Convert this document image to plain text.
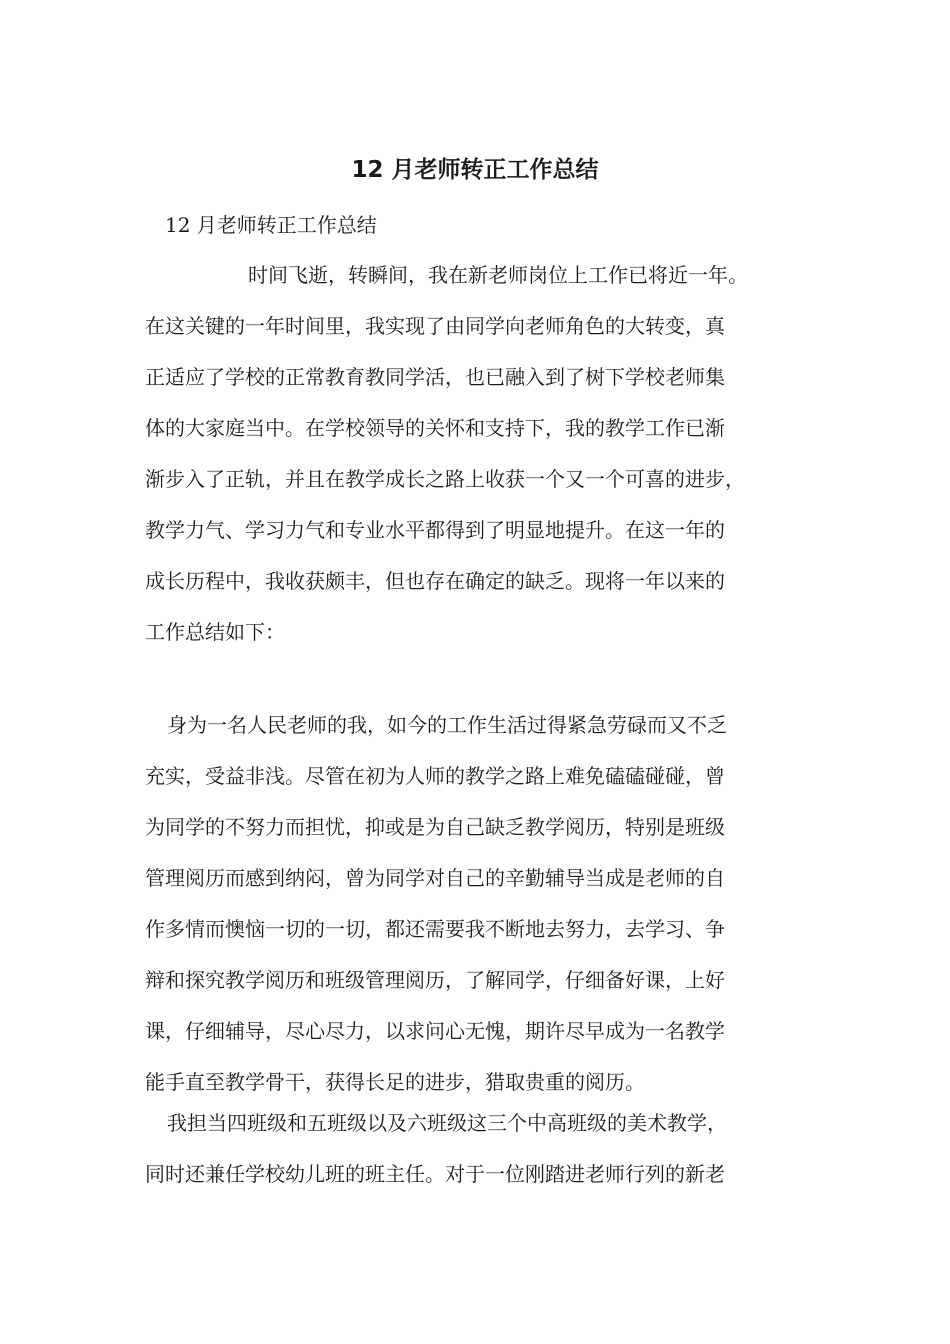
12 月老师转正工作总结

12 月老师转正工作总结

时间飞逝，转瞬间，我在新老师岗位上工作已将近一年。
在这关键的一年时间里，我实现了由同学向老师角色的大转变，真
正适应了学校的正常教育教同学活，也已融入到了树下学校老师集
体的大家庭当中。在学校领导的关怀和支持下，我的教学工作已渐
渐步入了正轨，并且在教学成长之路上收获一个又一个可喜的进步，
教学力气、学习力气和专业水平都得到了明显地提升。在这一年的
成长历程中，我收获颇丰，但也存在确定的缺乏。现将一年以来的
工作总结如下：
身为一名人民老师的我，如今的工作生活过得紧急劳碌而又不乏
充实，受益非浅。尽管在初为人师的教学之路上难免磕磕碰碰，曾
为同学的不努力而担忧，抑或是为自己缺乏教学阅历，特别是班级
管理阅历而感到纳闷，曾为同学对自己的辛勤辅导当成是老师的自
作多情而懊恼一切的一切，都还需要我不断地去努力，去学习、争
辩和探究教学阅历和班级管理阅历，了解同学，仔细备好课，上好
课，仔细辅导，尽心尽力，以求问心无愧，期许尽早成为一名教学
能手直至教学骨干，获得长足的进步，猎取贵重的阅历。
我担当四班级和五班级以及六班级这三个中高班级的美术教学，
同时还兼任学校幼儿班的班主任。对于一位刚踏进老师行列的新老
